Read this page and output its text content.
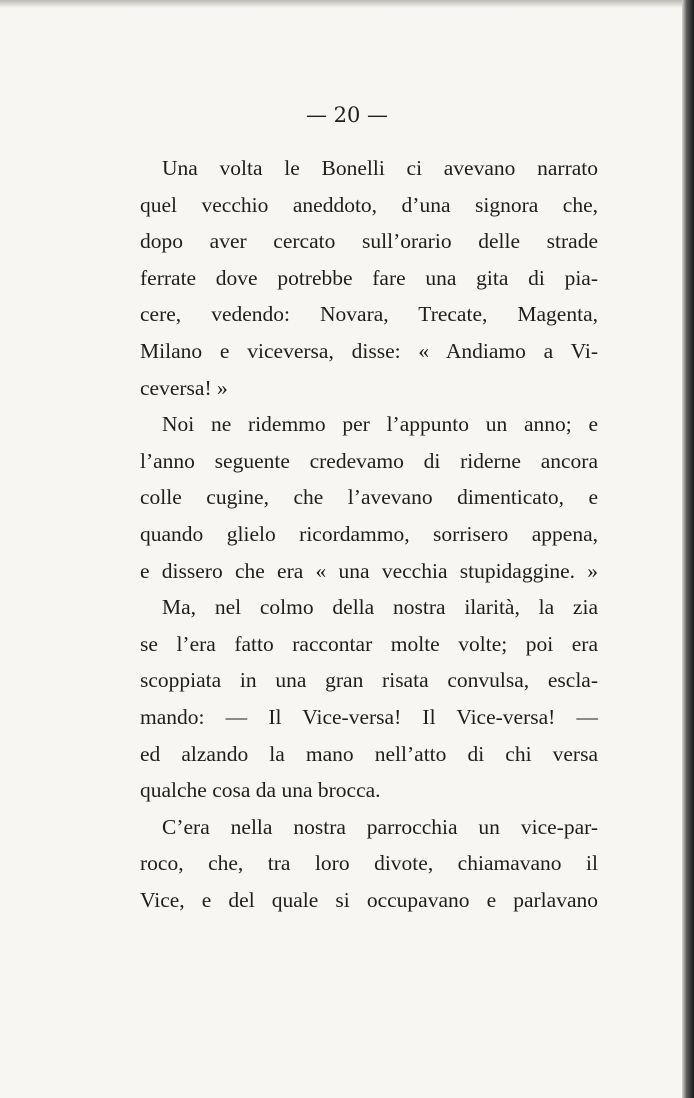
— 20 —
Una volta le Bonelli ci avevano narrato
quel vecchio aneddoto, d’una signora che,
dopo aver cercato sull’orario delle strade
ferrate dove potrebbe fare una gita di pia-
cere, vedendo: Novara, Trecate, Magenta,
Milano e viceversa, disse: « Andiamo a Vi-
ceversa! »
Noi ne ridemmo per l’appunto un anno; e
l’anno seguente credevamo di riderne ancora
colle cugine, che l’avevano dimenticato, e
quando glielo ricordammo, sorrisero appena,
e dissero che era « una vecchia stupidaggine. »
Ma, nel colmo della nostra ilarità, la zia
se l’era fatto raccontar molte volte; poi era
scoppiata in una gran risata convulsa, escla-
mando: — Il Vice-versa! Il Vice-versa! —
ed alzando la mano nell’atto di chi versa
qualche cosa da una brocca.
C’era nella nostra parrocchia un vice-par-
roco, che, tra loro divote, chiamavano il
Vice, e del quale si occupavano e parlavano
